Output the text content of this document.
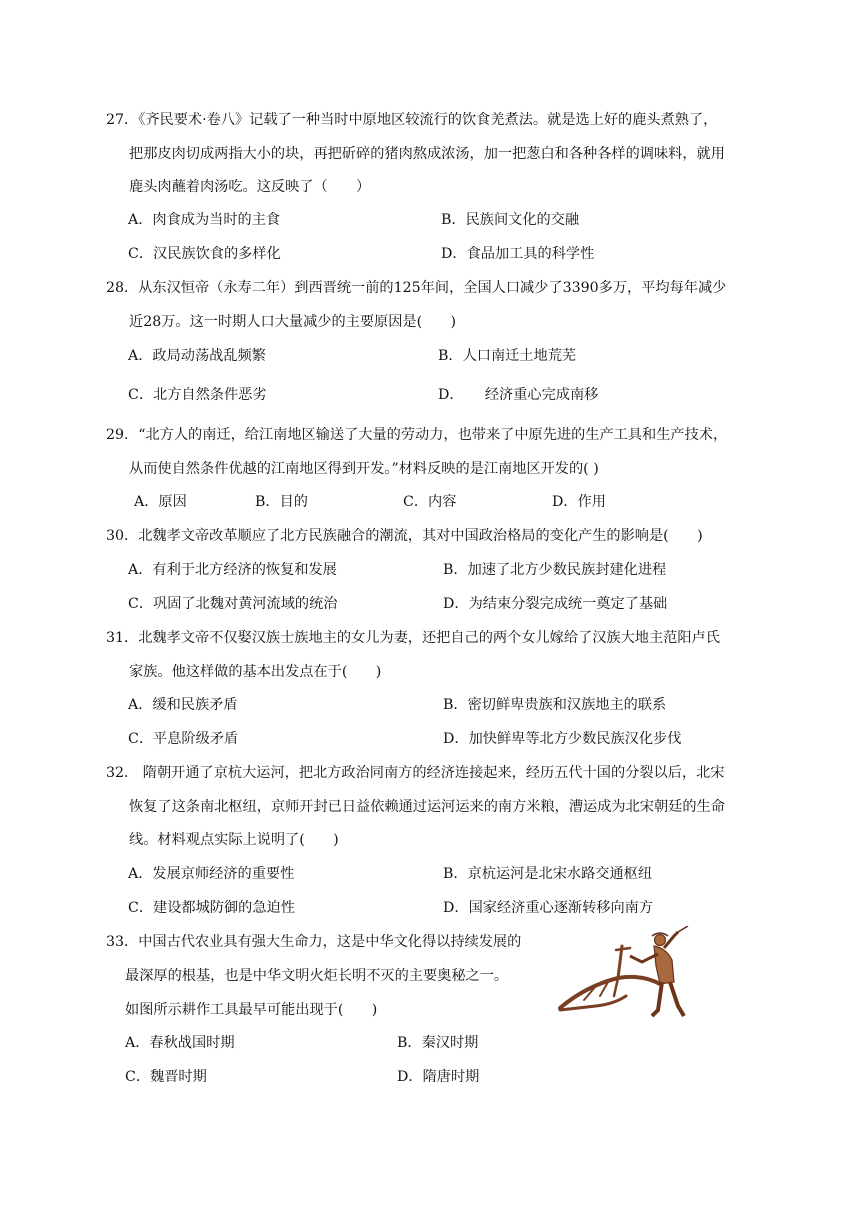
27．《齐民要术·卷八》记载了一种当时中原地区较流行的饮食羌煮法。就是选上好的鹿头煮熟了，
把那皮肉切成两指大小的块，再把斫碎的猪肉熬成浓汤，加一把葱白和各种各样的调味料，就用
鹿头肉蘸着肉汤吃。这反映了（　　）
A．肉食成为当时的主食	B．民族间文化的交融
C．汉民族饮食的多样化	D．食品加工具的科学性
28．从东汉恒帝（永寿二年）到西晋统一前的125年间，全国人口减少了3390多万，平均每年减少
近28万。这一时期人口大量减少的主要原因是(　　)
A．政局动荡战乱频繁	B．人口南迁土地荒芜
C．北方自然条件恶劣	D．　　经济重心完成南移
29．“北方人的南迁，给江南地区输送了大量的劳动力，也带来了中原先进的生产工具和生产技术，
从而使自然条件优越的江南地区得到开发。”材料反映的是江南地区开发的( )
A．原因	B．目的	C．内容	D．作用
30．北魏孝文帝改革顺应了北方民族融合的潮流，其对中国政治格局的变化产生的影响是(　　)
A．有利于北方经济的恢复和发展	B．加速了北方少数民族封建化进程
C．巩固了北魏对黄河流域的统治	D．为结束分裂完成统一奠定了基础
31．北魏孝文帝不仅娶汉族士族地主的女儿为妻，还把自己的两个女儿嫁给了汉族大地主范阳卢氏
家族。他这样做的基本出发点在于(　　)
A．缓和民族矛盾	B．密切鲜卑贵族和汉族地主的联系
C．平息阶级矛盾	D．加快鲜卑等北方少数民族汉化步伐
32． 隋朝开通了京杭大运河，把北方政治同南方的经济连接起来，经历五代十国的分裂以后，北宋
恢复了这条南北枢纽，京师开封已日益依赖通过运河运来的南方米粮，漕运成为北宋朝廷的生命
线。材料观点实际上说明了(　　)
A．发展京师经济的重要性	B．京杭运河是北宋水路交通枢纽
C．建设都城防御的急迫性	D．国家经济重心逐渐转移向南方
33．中国古代农业具有强大生命力，这是中华文化得以持续发展的
最深厚的根基，也是中华文明火炬长明不灭的主要奥秘之一。
如图所示耕作工具最早可能出现于(　　)
A．春秋战国时期	B．秦汉时期
C．魏晋时期	D．隋唐时期
